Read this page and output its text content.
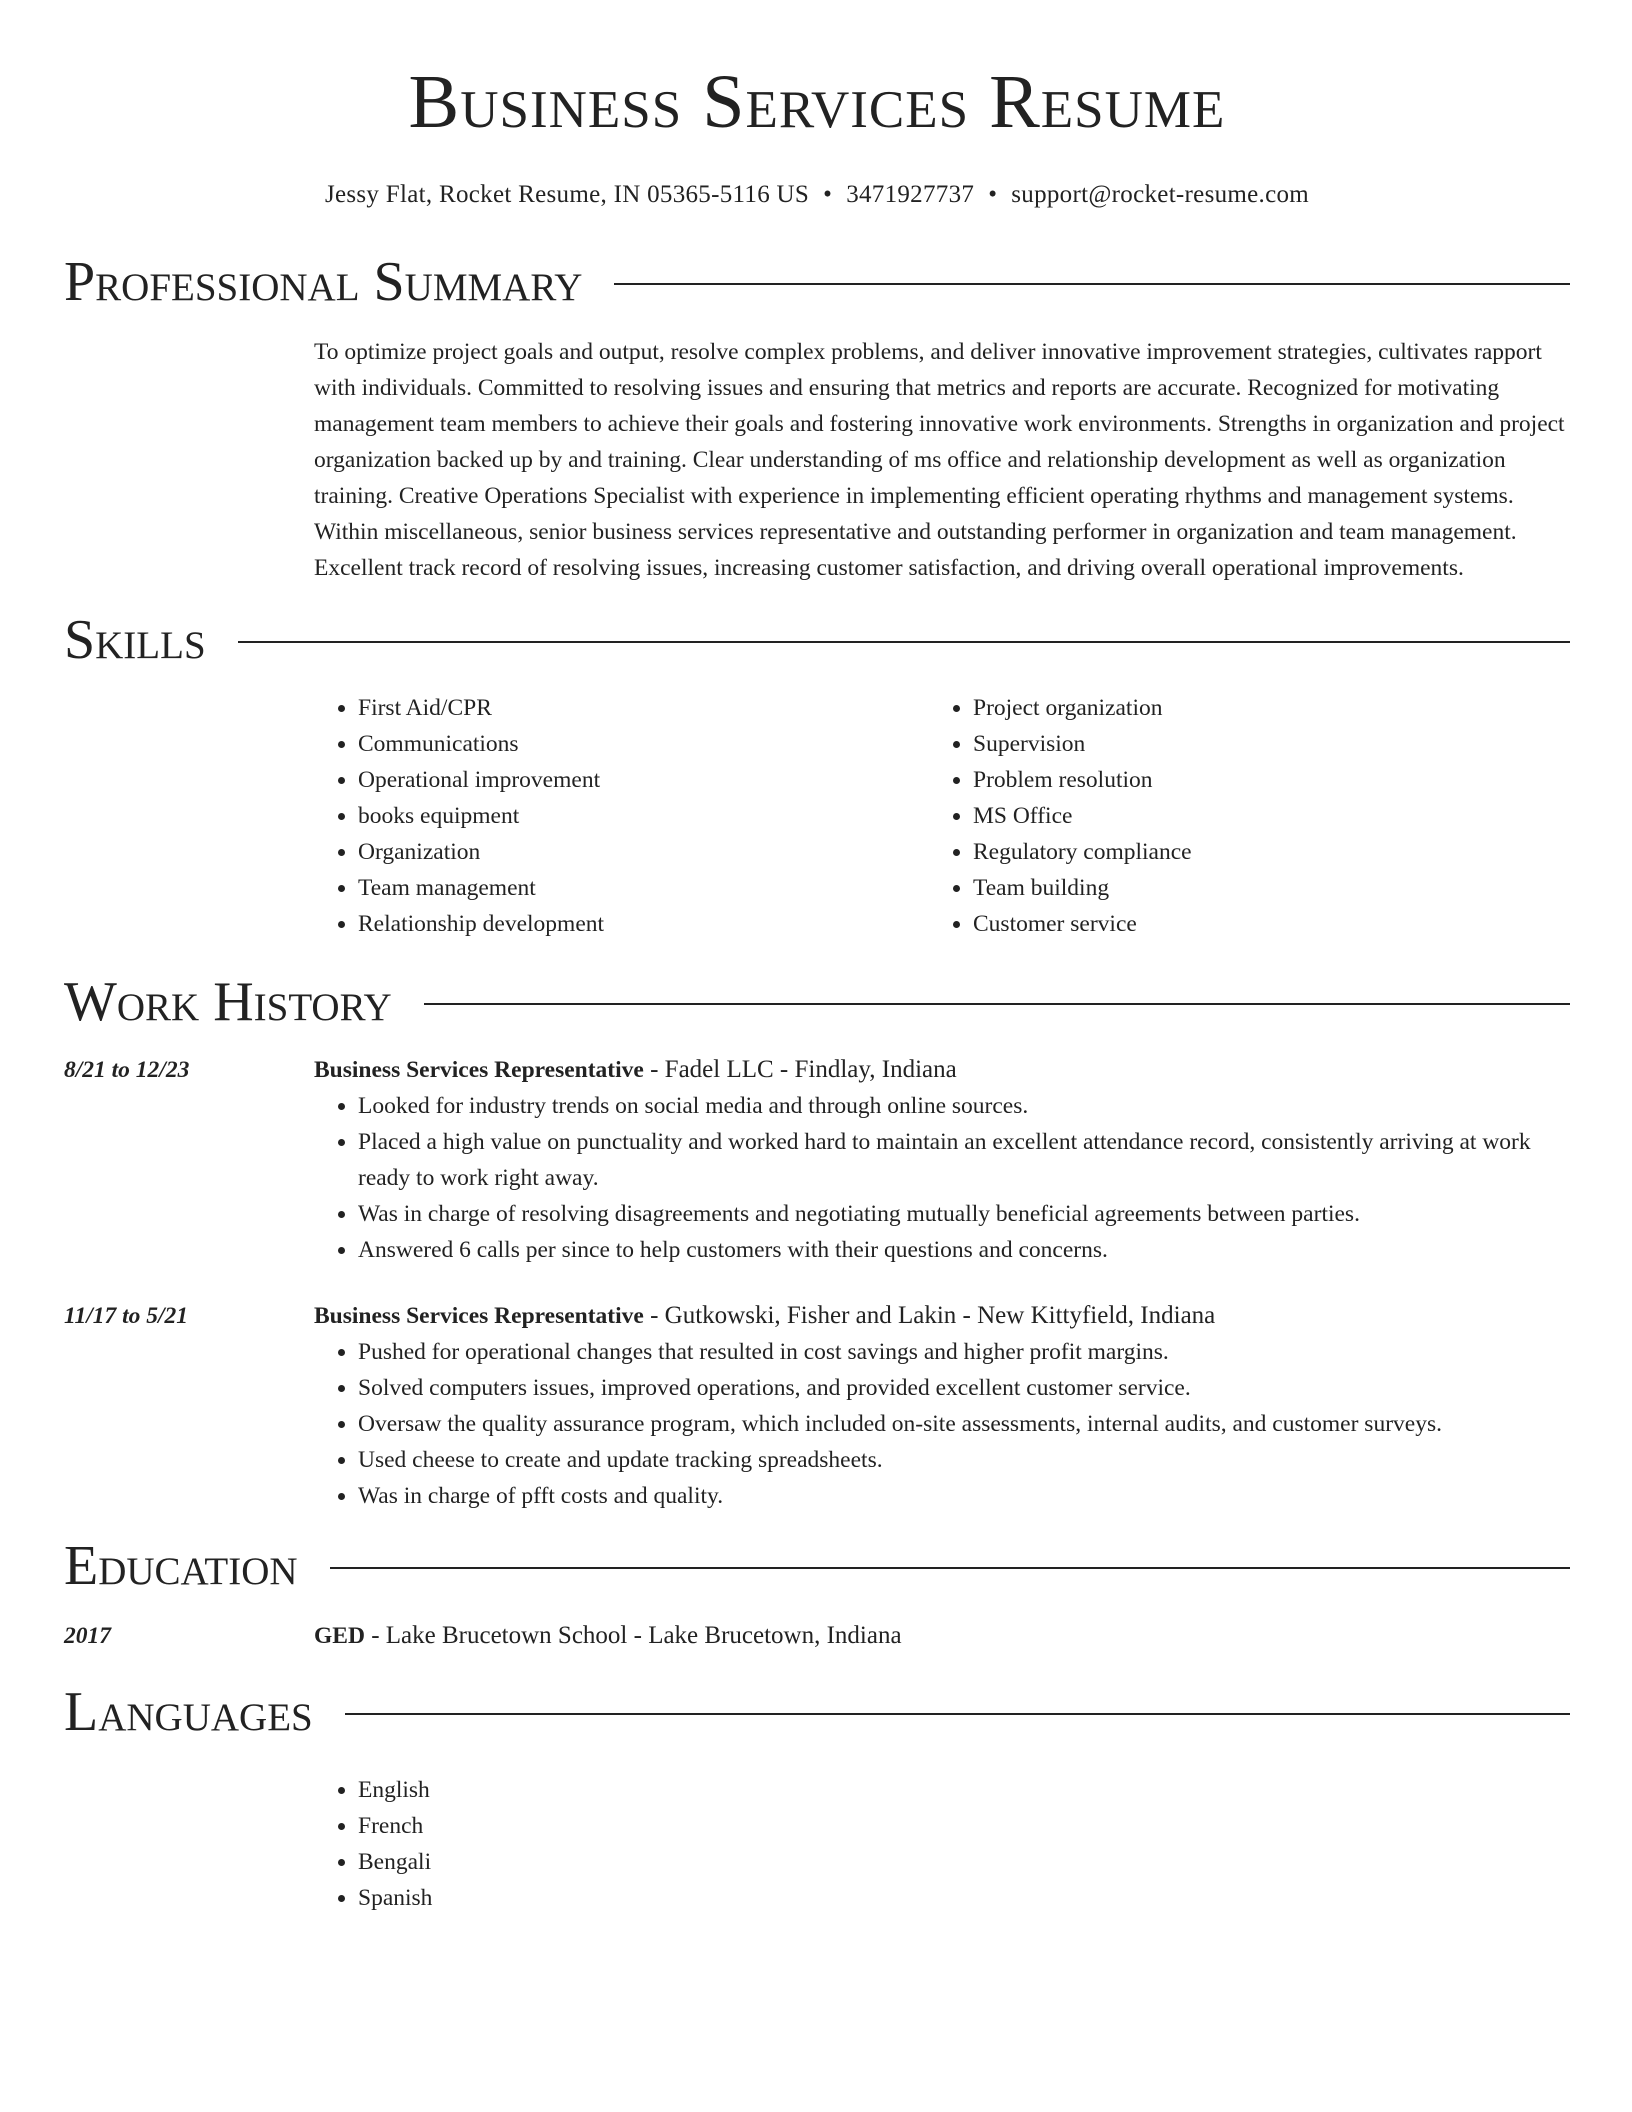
Business Services Resume
Jessy Flat, Rocket Resume, IN 05365-5116 US • 3471927737 • support@rocket-resume.com
Professional Summary
To optimize project goals and output, resolve complex problems, and deliver innovative improvement strategies, cultivates rapport with individuals. Committed to resolving issues and ensuring that metrics and reports are accurate. Recognized for motivating management team members to achieve their goals and fostering innovative work environments. Strengths in organization and project organization backed up by and training. Clear understanding of ms office and relationship development as well as organization training. Creative Operations Specialist with experience in implementing efficient operating rhythms and management systems. Within miscellaneous, senior business services representative and outstanding performer in organization and team management. Excellent track record of resolving issues, increasing customer satisfaction, and driving overall operational improvements.
Skills
• First Aid/CPR
• Communications
• Operational improvement
• books equipment
• Organization
• Team management
• Relationship development
• Project organization
• Supervision
• Problem resolution
• MS Office
• Regulatory compliance
• Team building
• Customer service
Work History
8/21 to 12/23	Business Services Representative - Fadel LLC - Findlay, Indiana
• Looked for industry trends on social media and through online sources.
• Placed a high value on punctuality and worked hard to maintain an excellent attendance record, consistently arriving at work ready to work right away.
• Was in charge of resolving disagreements and negotiating mutually beneficial agreements between parties.
• Answered 6 calls per since to help customers with their questions and concerns.
11/17 to 5/21	Business Services Representative - Gutkowski, Fisher and Lakin - New Kittyfield, Indiana
• Pushed for operational changes that resulted in cost savings and higher profit margins.
• Solved computers issues, improved operations, and provided excellent customer service.
• Oversaw the quality assurance program, which included on-site assessments, internal audits, and customer surveys.
• Used cheese to create and update tracking spreadsheets.
• Was in charge of pfft costs and quality.
Education
2017	GED - Lake Brucetown School - Lake Brucetown, Indiana
Languages
• English
• French
• Bengali
• Spanish
